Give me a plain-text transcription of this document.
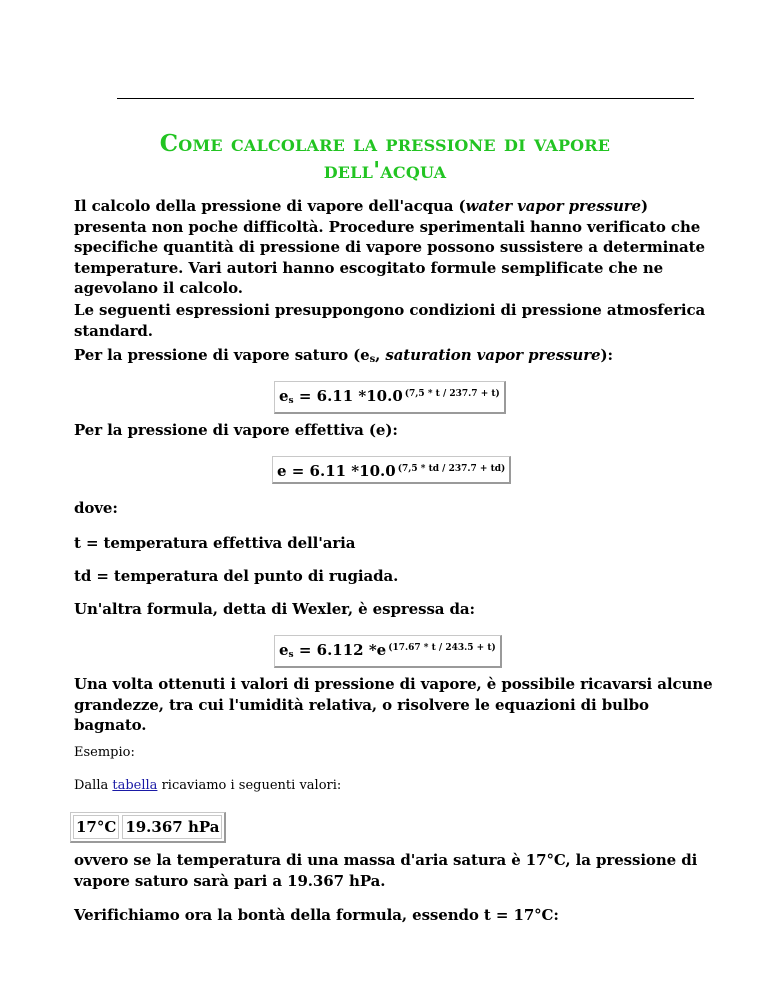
Come calcolare la pressione di vapore
dell'acqua
Il calcolo della pressione di vapore dell'acqua (water vapor pressure) presenta non poche difficoltà. Procedure sperimentali hanno verificato che specifiche quantità di pressione di vapore possono sussistere a determinate temperature. Vari autori hanno escogitato formule semplificate che ne agevolano il calcolo.
Le seguenti espressioni presuppongono condizioni di pressione atmosferica standard.
Per la pressione di vapore saturo (es, saturation vapor pressure):
$e_s = 6.11$ *10.0 $^{(7,5 * t / 237.7 + t)}$
Per la pressione di vapore effettiva (e):
e = 6.11 *10.0 $^{(7,5 * td / 237.7 + td)}$
dove:
t = temperatura effettiva dell'aria
td = temperatura del punto di rugiada.
Un'altra formula, detta di Wexler, è espressa da:
$e_s = 6.112$ *e $^{(17.67 * t / 243.5 + t)}$
Una volta ottenuti i valori di pressione di vapore, è possibile ricavarsi alcune grandezze, tra cui l'umidità relativa, o risolvere le equazioni di bulbo bagnato.
Esempio:
Dalla tabella ricaviamo i seguenti valori:
17°C 19.367 hPa
ovvero se la temperatura di una massa d'aria satura è 17°C, la pressione di vapore saturo sarà pari a 19.367 hPa.
Verifichiamo ora la bontà della formula, essendo t = 17°C:
